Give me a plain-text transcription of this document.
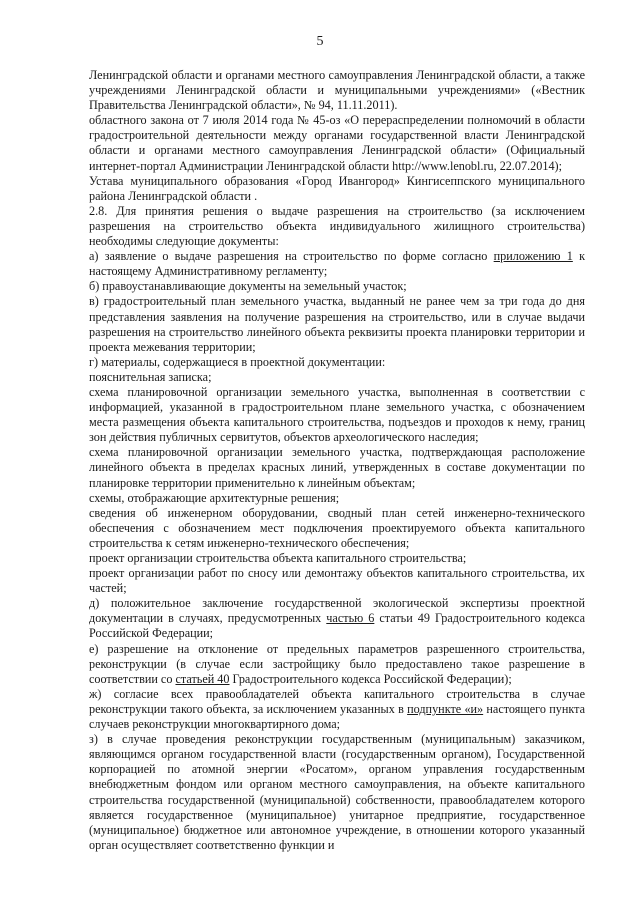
5

Ленинградской области и органами местного самоуправления Ленинградской области, а также учреждениями Ленинградской области и муниципальными учреждениями» («Вестник Правительства Ленинградской области», № 94, 11.11.2011).

областного закона от 7 июля 2014 года № 45-оз «О перераспределении полномочий в области градостроительной деятельности между органами государственной власти Ленинградской области и органами местного самоуправления Ленинградской области» (Официальный интернет-портал Администрации Ленинградской области http://www.lenobl.ru, 22.07.2014);

Устава муниципального образования «Город Ивангород» Кингисеппского муниципального района Ленинградской области .

2.8. Для принятия решения о выдаче разрешения на строительство (за исключением разрешения на строительство объекта индивидуального жилищного строительства) необходимы следующие документы:

а) заявление о выдаче разрешения на строительство по форме согласно приложению 1 к настоящему Административному регламенту;

б) правоустанавливающие документы на земельный участок;

в) градостроительный план земельного участка, выданный не ранее чем за три года до дня представления заявления на получение разрешения на строительство, или в случае выдачи разрешения на строительство линейного объекта реквизиты проекта планировки территории и проекта межевания территории;

г) материалы, содержащиеся в проектной документации:

пояснительная записка;

схема планировочной организации земельного участка, выполненная в соответствии с информацией, указанной в градостроительном плане земельного участка, с обозначением места размещения объекта капитального строительства, подъездов и проходов к нему, границ зон действия публичных сервитутов, объектов археологического наследия;

схема планировочной организации земельного участка, подтверждающая расположение линейного объекта в пределах красных линий, утвержденных в составе документации по планировке территории применительно к линейным объектам;

схемы, отображающие архитектурные решения;

сведения об инженерном оборудовании, сводный план сетей инженерно-технического обеспечения с обозначением мест подключения проектируемого объекта капитального строительства к сетям инженерно-технического обеспечения;

проект организации строительства объекта капитального строительства;

проект организации работ по сносу или демонтажу объектов капитального строительства, их частей;

д) положительное заключение государственной экологической экспертизы проектной документации в случаях, предусмотренных частью 6 статьи 49 Градостроительного кодекса Российской Федерации;

е) разрешение на отклонение от предельных параметров разрешенного строительства, реконструкции (в случае если застройщику было предоставлено такое разрешение в соответствии со статьей 40 Градостроительного кодекса Российской Федерации);

ж) согласие всех правообладателей объекта капитального строительства в случае реконструкции такого объекта, за исключением указанных в подпункте «и» настоящего пункта случаев реконструкции многоквартирного дома;

з) в случае проведения реконструкции государственным (муниципальным) заказчиком, являющимся органом государственной власти (государственным органом), Государственной корпорацией по атомной энергии «Росатом», органом управления государственным внебюджетным фондом или органом местного самоуправления, на объекте капитального строительства государственной (муниципальной) собственности, правообладателем которого является государственное (муниципальное) унитарное предприятие, государственное (муниципальное) бюджетное или автономное учреждение, в отношении которого указанный орган осуществляет соответственно функции и
